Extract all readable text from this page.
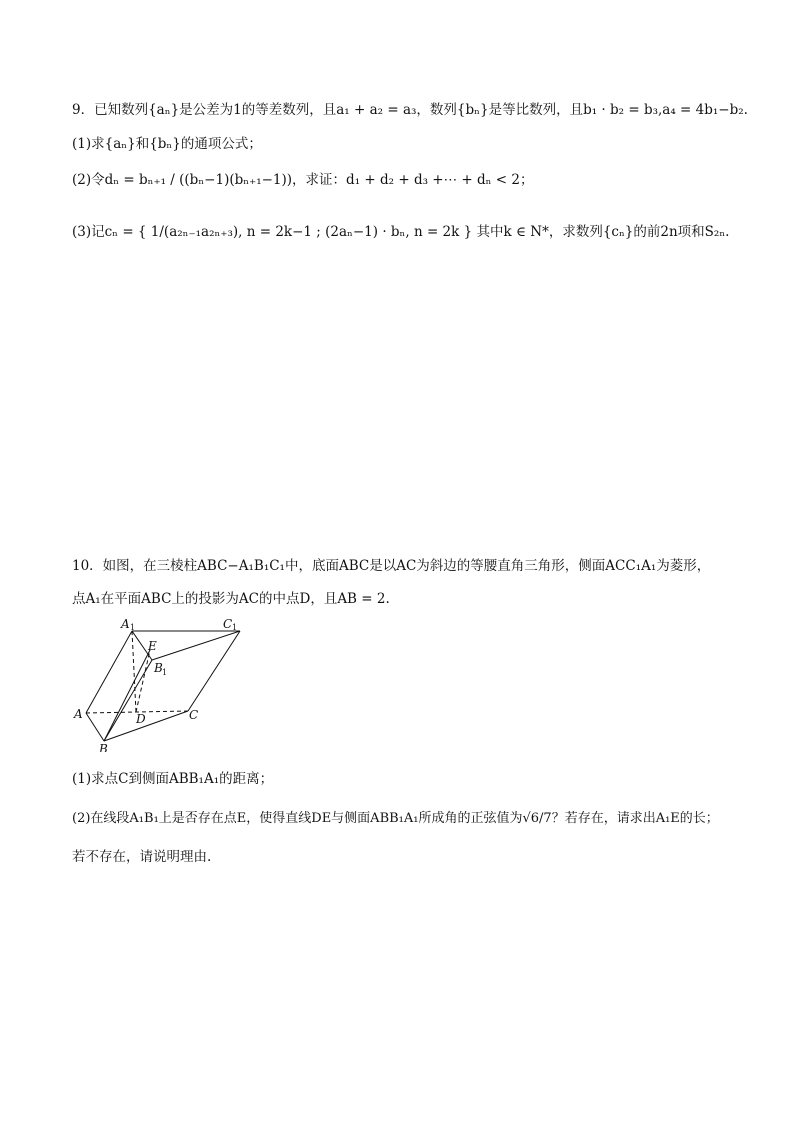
9．已知数列{aₙ}是公差为1的等差数列，且a₁ + a₂ = a₃，数列{bₙ}是等比数列，且b₁ · b₂ = b₃,a₄ = 4b₁−b₂.
(1)求{aₙ}和{bₙ}的通项公式；
(2)令dₙ = bₙ₊₁ / ((bₙ−1)(bₙ₊₁−1))，求证：d₁ + d₂ + d₃ +⋯ + dₙ < 2；
(3)记cₙ = { 1/(a₂ₙ₋₁a₂ₙ₊₃), n = 2k−1 ; (2aₙ−1) · bₙ, n = 2k } 其中k ∈ N*，求数列{cₙ}的前2n项和S₂ₙ.
10．如图，在三棱柱ABC−A₁B₁C₁中，底面ABC是以AC为斜边的等腰直角三角形，侧面ACC₁A₁为菱形，
点A₁在平面ABC上的投影为AC的中点D，且AB = 2.
A 1	C 1
E
B 1
A	D	C
B
(1)求点C到侧面ABB₁A₁的距离；
(2)在线段A₁B₁上是否存在点E，使得直线DE与侧面ABB₁A₁所成角的正弦值为√6/7？若存在，请求出A₁E的长；
若不存在，请说明理由.
